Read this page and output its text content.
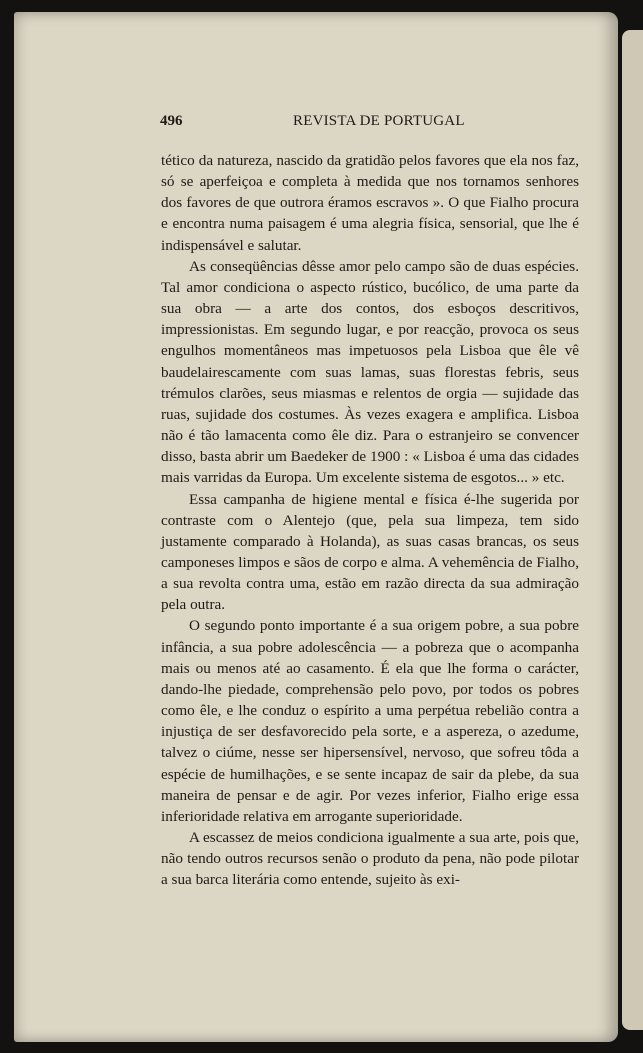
496	REVISTA DE PORTUGAL

tético da natureza, nascido da gratidão pelos favores que ela nos faz, só se aperfeiçoa e completa à medida que nos tornamos senhores dos favores de que outrora éramos escravos ». O que Fialho procura e encontra numa paisagem é uma alegria física, sensorial, que lhe é indispensável e salutar.

As conseqüências dêsse amor pelo campo são de duas espécies. Tal amor condiciona o aspecto rústico, bucólico, de uma parte da sua obra — a arte dos contos, dos esboços descritivos, impressionistas. Em segundo lugar, e por reacção, provoca os seus engulhos momentâneos mas impetuosos pela Lisboa que êle vê baudelairescamente com suas lamas, suas florestas febris, seus trémulos clarões, seus miasmas e relentos de orgia — sujidade das ruas, sujidade dos costumes. Às vezes exagera e amplifica. Lisboa não é tão lamacenta como êle diz. Para o estranjeiro se convencer disso, basta abrir um Baedeker de 1900 : « Lisboa é uma das cidades mais varridas da Europa. Um excelente sistema de esgotos... » etc.

Essa campanha de higiene mental e física é-lhe sugerida por contraste com o Alentejo (que, pela sua limpeza, tem sido justamente comparado à Holanda), as suas casas brancas, os seus camponeses limpos e sãos de corpo e alma. A vehemência de Fialho, a sua revolta contra uma, estão em razão directa da sua admiração pela outra.

O segundo ponto importante é a sua origem pobre, a sua pobre infância, a sua pobre adolescência — a pobreza que o acompanha mais ou menos até ao casamento. É ela que lhe forma o carácter, dando-lhe piedade, comprehensão pelo povo, por todos os pobres como êle, e lhe conduz o espírito a uma perpétua rebelião contra a injustiça de ser desfavorecido pela sorte, e a aspereza, o azedume, talvez o ciúme, nesse ser hipersensível, nervoso, que sofreu tôda a espécie de humilhações, e se sente incapaz de sair da plebe, da sua maneira de pensar e de agir. Por vezes inferior, Fialho erige essa inferioridade relativa em arrogante superioridade.

A escassez de meios condiciona igualmente a sua arte, pois que, não tendo outros recursos senão o produto da pena, não pode pilotar a sua barca literária como entende, sujeito às exi-
